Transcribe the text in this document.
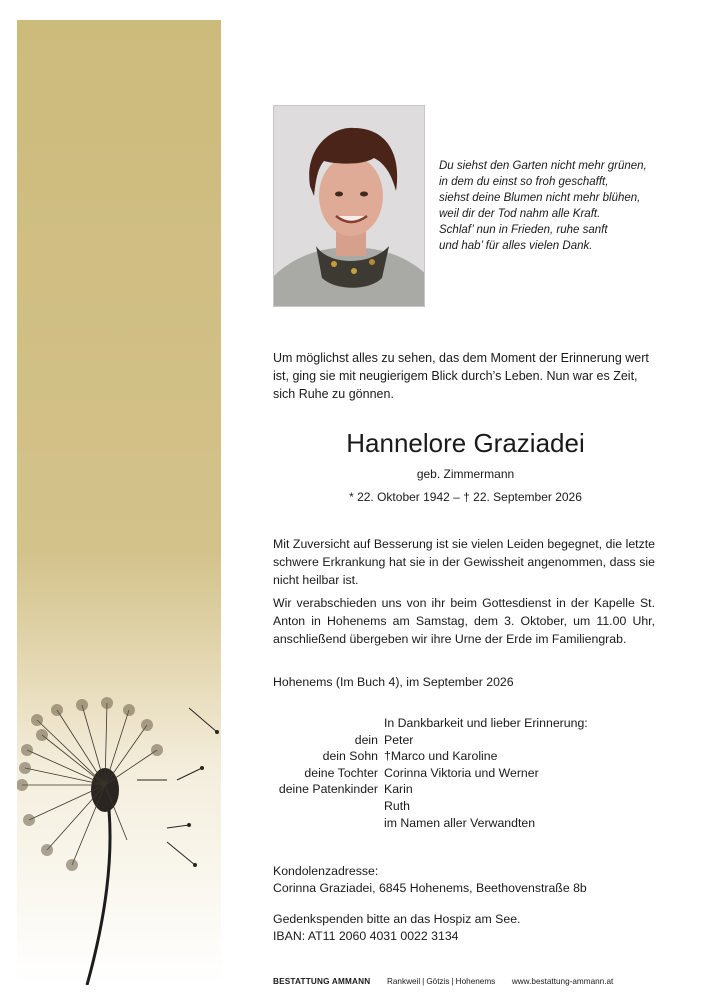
Du siehst den Garten nicht mehr grünen,
in dem du einst so froh geschafft,
siehst deine Blumen nicht mehr blühen,
weil dir der Tod nahm alle Kraft.
Schlaf’ nun in Frieden, ruhe sanft
und hab’ für alles vielen Dank.
Um möglichst alles zu sehen, das dem Moment der Erinnerung wert ist, ging sie mit neugierigem Blick durch’s Leben. Nun war es Zeit, sich Ruhe zu gönnen.
Hannelore Graziadei
geb. Zimmermann
* 22. Oktober 1942 – † 22. September 2026
Mit Zuversicht auf Besserung ist sie vielen Leiden begegnet, die letzte schwere Erkrankung hat sie in der Gewissheit angenommen, dass sie nicht heilbar ist.
Wir verabschieden uns von ihr beim Gottesdienst in der Kapelle St. Anton in Hohenems am Samstag, dem 3. Oktober, um 11.00 Uhr, anschließend übergeben wir ihre Urne der Erde im Familiengrab.
Hohenems (Im Buch 4), im September 2026
In Dankbarkeit und lieber Erinnerung:
dein Peter
dein Sohn †Marco und Karoline
deine Tochter Corinna Viktoria und Werner
deine Patenkinder Karin
Ruth
im Namen aller Verwandten
Kondolenzadresse:
Corinna Graziadei, 6845 Hohenems, Beethovenstraße 8b
Gedenkspenden bitte an das Hospiz am See.
IBAN: AT11 2060 4031 0022 3134
BESTATTUNG AMMANN Rankweil | Götzis | Hohenems www.bestattung-ammann.at
